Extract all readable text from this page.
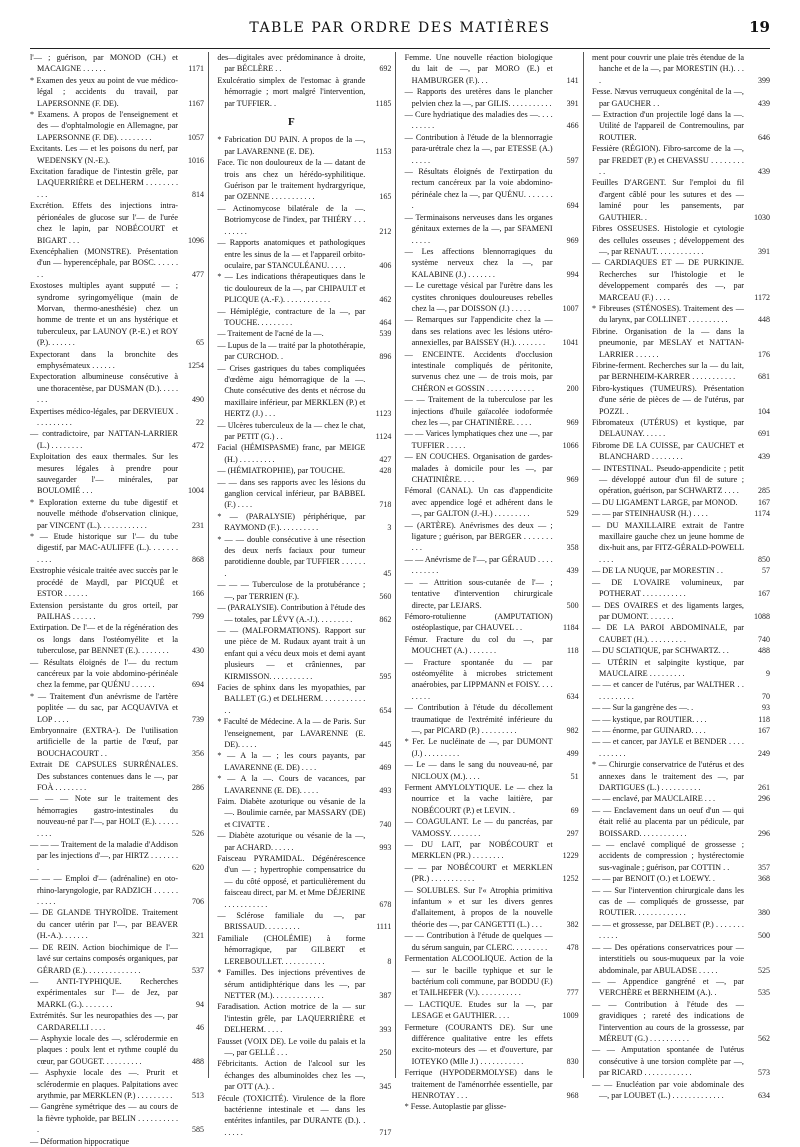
TABLE PAR ORDRE DES MATIÈRES	19

l'— ; guérison, par MONOD (CH.) et MACAIGNE . . . . . .	1171

* Examen des yeux au point de vue médico-légal ; accidents du travail, par LAPERSONNE (F. DE).	1167

* Examens. A propos de l'enseignement et des — d'ophtalmologie en Allemagne, par LAPERSONNE (F. DE). . . . . . . . .	1057

Excitants. Les — et les poisons du nerf, par WEDENSKY (N.-E.).	1016

Excitation faradique de l'intestin grêle, par LAQUERRIÈRE et DELHERM . . . . . . . . . . .	814

Excrétion. Effets des injections intra-périonéales de glucose sur l'— de l'urée chez le lapin, par NOBÉCOURT et BIGART . . .	1096

Exencéphalien (MONSTRE). Présentation d'un — hyperencéphale, par BOSC. . . . . . . .	477

Exostoses multiples ayant supputé — ; syndrome syringomyélique (main de Morvan, thermo-anesthésie) chez un homme de trente et un ans hystérique et tuberculeux, par LAUNOY (P.-E.) et ROY (P.). . . . . . .	65

Expectorant dans la bronchite des emphysémateux . . . . . .	1254

Expectoration albumineuse consécutive à une thoracentèse, par DUSMAN (D.). . . . . . . .	490

Expertises médico-légales, par DERVIEUX . . . . . . . . . .	22

— contradictoire, par NATTAN-LARRIER (L.) . . . . . . . .	472

Exploitation des eaux thermales. Sur les mesures légales à prendre pour sauvegarder l'— minérales, par BOULOMIÉ . . .	1004

* Exploration externe du tube digestif et nouvelle méthode d'observation clinique, par VINCENT (L.). . . . . . . . . . . .	231

* — Etude historique sur l'— du tube digestif, par MAC-AULIFFE (L.). . . . . . . . . . .	868

Exstrophie vésicale traitée avec succès par le procédé de Maydl, par PICQUÉ et ESTOR . . . . . .	166

Extension persistante du gros orteil, par PAILHAS . . . . . .	799

Extirpation. De l'— et de la régénération des os longs dans l'ostéomyélite et la tuberculose, par BENNET (E.). . . . . . . .	430

— Résultats éloignés de l'— du rectum cancéreux par la voie abdomino-périnéale chez la femme, par QUÉNU . . . . . .	694

* — Traitement d'un anévrisme de l'artère poplitée — du sac, par ACQUAVIVA et LOP . . . .	739

Embryonnaire (EXTRA-). De l'utilisation artificielle de la partie de l'œuf, par BOUCHACOURT . .	356

Extrait DE CAPSULES SURRÉNALES. Des substances contenues dans le —, par FOÀ . . . . . . . .	286

— — — Note sur le traitement des hémorragies gastro-intestinales du nouveau-né par l'—, par HOLT (E.). . . . . . . . . .	526

— — — Traitement de la maladie d'Addison par les injections d'—, par HIRTZ . . . . . . . .	620

— — — Emploi d'— (adrénaline) en oto-rhino-laryngologie, par RADZICH . . . . . . . . . . .	706

— DE GLANDE THYROÏDE. Traitement du cancer utérin par l'—, par BEAVER (H.-A.). . . . . . .	321

— DE REIN. Action biochimique de l'— lavé sur certains composés organiques, par GÉRARD (E.). . . . . . . . . . . . . .	537

— ANTI-TYPHIQUE. Recherches expérimentales sur l'— de Jez, par MARKL (G.). . . . . . . .	94

Extrémités. Sur les neuropathies des —, par CARDARELLI . . . .	46

— Asphyxie locale des —, sclérodermie en plaques : poulx lent et rythme couplé du cœur, par GOUGET. . . . . . . . . .	488

— Asphyxie locale des —. Prurit et sclérodermie en plaques. Palpitations avec arythmie, par MERKLEN (P.) . . . . . . . . . 513

— Gangrène symétrique des — au cours de la fièvre typhoïde, par BELIN . . . . . . . . . . .	585

— Déformation hippocratique

des—digitales avec prédominance à droite, par BÉCLÈRE . .	692

Exulcératio simplex de l'estomac à grande hémorragie ; mort malgré l'intervention, par TUFFIER. .	1185

F

* Fabrication DU PAIN. A propos de la —, par LAVARENNE (E. DE).	1153

Face. Tic non douloureux de la — datant de trois ans chez un hérédo-syphilitique. Guérison par le traitement hydrargyrique, par OZENNE . . . . . . . . . . .	165

— Actinomycose bilatérale de la —. Botriomycose de l'index, par THIÉRY . . . . . . . . .	212

— Rapports anatomiques et pathologiques entre les sinus de la — et l'appareil orbito-oculaire, par STANCULÉANU. . . . .	406

* — Les indications thérapeutiques dans le tic douloureux de la —, par CHIPAULT et PLICQUE (A.-F.). . . . . . . . . . . .	462

— Hémiplégie, contracture de la —, par TOUCHE. . . . . . . . .	464

— Traitement de l'acné de la —.	539

— Lupus de la — traité par la photothérapie, par CURCHOD. .	896

— Crises gastriques du tabes compliquées d'œdème aigu hémorragique de la —. Chute consécutive des dents et nécrose du maxillaire inférieur, par MERKLEN (P.) et HERTZ (J.) . . .	1123

— Ulcères tuberculeux de la — chez le chat, par PETIT (G.) . .	1124

Facial (HÉMISPASME) franc, par MEIGE (H.) . . . . . . . . .	427

— (HÉMIATROPHIE), par TOUCHE.	428

— — dans ses rapports avec les lésions du ganglion cervical inférieur, par BABBEL (F.) . . . .	718

* — (PARALYSIE) périphérique, par RAYMOND (F.). . . . . . . . . .	3

* — — double consécutive à une résection des deux nerfs faciaux pour tumeur parotidienne double, par TUFFIER . . . . . . .	45

— — — Tuberculose de la protubérance ; —, par TERRIEN (F.).	560

— (PARALYSIE). Contribution à l'étude des — totales, par LÉVY (A.-J.). . . . . . . . .	862

— — (MALFORMATIONS). Rapport sur une pièce de M. Rudaux ayant trait à un enfant qui a vécu deux mois et demi ayant plusieurs — et crâniennes, par KIRMISSON. . . . . . . . . . .	595

Facies de sphinx dans les myopathies, par BALLET (G.) et DELHERM. . . . . . . . . . . . .	654

* Faculté de Médecine. A la — de Paris. Sur l'enseignement, par LAVARENNE (E. DE). . . . .	445

* — A la — ; les cours payants, par LAVARENNE (E. DE) . . . .	469

* — A la —. Cours de vacances, par LAVARENNE (E. DE). . . . .	493

Faim. Diabète azoturique ou vésanie de la —. Boulimie carnée, par MASSARY (DE) et CIVATTE .	740

— Diabète azoturique ou vésanie de la —, par ACHARD. . . . . .	993

Faisceau PYRAMIDAL. Dégénérescence d'un — ; hypertrophie compensatrice du — du côté opposé, et particulièrement du faisceau direct, par M. et Mme DÉJERINE . . . . . . . . . . .	678

— Sclérose familiale du —, par BRISSAUD. . . . . . . . .	1111

Familiale (CHOLÉMIE) à forme hémorragique, par GILBERT et LEREBOULLET. . . . . . . . . . .	8

* Familles. Des injections préventives de sérum antidiphtérique dans les —, par NETTER (M.). . . . . . . . . . . . .	387

Faradisation. Action motrice de la — sur l'intestin grêle, par LAQUERRIÈRE et DELHERM. . . . .	393

Fausset (VOIX DE). Le voile du palais et la —, par GELLÉ . . .	250

Fébricitants. Action de l'alcool sur les échanges des albuminoïdes chez les —, par OTT (A.). .	345

Fécule (TOXICITÉ). Virulence de la flore bactérienne intestinale et — dans les entérites infantiles, par DURANTE (D.). . . . . . .	717

Femme. Une nouvelle réaction biologique du lait de —, par MORO (E.) et HAMBURGER (F.). . .	141

— Rapports des uretères dans le plancher pelvien chez la —, par GILIS. . . . . . . . . . . 391

— Cure hydriatique des maladies des —. . . . . . . . . .	466

— Contribution à l'étude de la blennorragie para-urétrale chez la —, par ETESSE (A.) . . . . .	597

— Résultats éloignés de l'extirpation du rectum cancéreux par la voie abdomino-périnéale chez la —, par QUÉNU. . . . . . . .	694

— Terminaisons nerveuses dans les organes génitaux externes de la —, par SFAMENI . . . . .	969

— Les affections blennorragiques du système nerveux chez la —, par KALABINE (J.) . . . . . . .	994

— Le curettage vésical par l'urètre dans les cystites chroniques douloureuses rebelles chez la —, par DOISSON (J.) . . . . .	1007

— Remarques sur l'appendicite chez la — dans ses relations avec les lésions utéro-annexielles, par BAISSEY (H.). . . . . . . . 1041

— ENCEINTE. Accidents d'occlusion intestinale compliqués de péritonite, survenus chez une — de trois mois, par CHÉRON et GOSSIN . . . . . . . . . . . .	200

— — Traitement de la tuberculose par les injections d'huile gaïacolée iodoformée chez les —, par CHATINIÈRE. . . . .	969

— — Varices lymphatiques chez une —, par TUFFIER . . . . .	1066

— EN COUCHES. Organisation de gardes-malades à domicile pour les —, par CHATINIÈRE. . . .	969

Fémoral (CANAL). Un cas d'appendicite avec appendice logé et adhérent dans le —, par GALTON (J.-H.) . . . . . . . . .	529

— (ARTÈRE). Anévrismes des deux — ; ligature ; guérison, par BERGER . . . . . . . . . .	358

— — Anévrisme de l'—, par GÉRAUD . . . . . . . . . . .	439

— — Attrition sous-cutanée de l'— ; tentative d'intervention chirurgicale directe, par LEJARS.	500

Fémoro-rotulienne (AMPUTATION) ostéoplastique, par CHAUVEL . .	1184

Fémur. Fracture du col du —, par MOUCHET (A.) . . . . . . .	118

— Fracture spontanée du — par ostéomyélite à microbes strictement anaérobies, par LIPPMANN et FOISY. . . . . . . . .	634

— Contribution à l'étude du décollement traumatique de l'extrémité inférieure du —, par PICARD (P.) . . . . . . . . .	982

* Fer. Le nucléinate de —, par DUMONT (J.) . . . . . . . . .	499

— Le — dans le sang du nouveau-né, par NICLOUX (M.). . . .	51

Ferment AMYLOLYTIQUE. Le — chez la nourrice et la vache laitière, par NOBÉCOURT (P.) et LEVIN. .	69

— COAGULANT. Le — du pancréas, par VAMOSSY. . . . . . . .	297

— DU LAIT, par NOBÉCOURT et MERKLEN (PR.) . . . . . . . .	1229

— — par NOBÉCOURT et MERKLEN (PR.) . . . . . . . . . . .	1252

— SOLUBLES. Sur l'« Atrophia primitiva infantum » et sur les divers genres d'allaitement, à propos de la nouvelle théorie des —, par CANGETTI (L.) . . .	382

— — Contribution à l'étude de quelques — du sérum sanguin, par CLERC. . . . . . . . . 478

Fermentation ALCOOLIQUE. Action de la — sur le bacille typhique et sur le bactérium coli commune, par BODDU (F.) et TAILHEFER (V.). . . . . . . . . . .	777

— LACTIQUE. Etudes sur la —, par LESAGE et GAUTHIER. . . .	1009

Fermeture (COURANTS DE). Sur une différence qualitative entre les effets excito-moteurs des — et d'ouverture, par IOTEYKO (Mlle J.) . . . . . . . . . . .	830

Ferrique (HYPODERMOLYSE) dans le traitement de l'aménorrhée essentielle, par HENROTAY . . .	968

* Fesse. Autoplastie par glisse-

ment pour couvrir une plaie très étendue de la hanche et de la —, par MORESTIN (H.). . . .	399

Fesse. Nævus verruqueux congénital de la —, par GAUCHER . .	439

— Extraction d'un projectile logé dans la —. Utilité de l'appareil de Contremoulins, par ROUTIER.	646

Fessière (RÉGION). Fibro-sarcome de la —, par FREDET (P.) et CHEVASSU . . . . . . . . . .	439

Feuilles D'ARGENT. Sur l'emploi du fil d'argent câblé pour les sutures et des — laminé pour les pansements, par GAUTHIER. .	1030

Fibres OSSEUSES. Histologie et cytologie des cellules osseuses ; développement des —, par RENAUT. . . . . . . . . . . .	391

— CARDIAQUES ET — DE PURKINJE. Recherches sur l'histologie et le développement comparés des —, par MARCEAU (F.) . . . .	1172

* Fibreuses (STÉNOSES). Traitement des — du larynx, par COLLINET . . . . . . . . . .	448

Fibrine. Organisation de la — dans la pneumonie, par MESLAY et NATTAN-LARRIER . . . . . .	176

Fibrine-ferment. Recherches sur la — du lait, par BERNHEIM-KARRER . . . . . . . . . . .	681

Fibro-kystiques (TUMEURS). Présentation d'une série de pièces de — de l'utérus, par POZZI. .	104

Fibromateux (UTÉRUS) et kystique, par DELAUNAY. . . . . .	691

Fibrome DE LA CUISSE, par CAUCHET et BLANCHARD . . . . . . . .	439

— INTESTINAL. Pseudo-appendicite ; petit — développé autour d'un fil de suture ; opération, guérison, par SCHWARTZ . . . . 285

— DU LIGAMENT LARGE, par MONOD.	167

— — par STEINHAUSR (H.) . . . .	1174

— DU MAXILLAIRE extrait de l'antre maxillaire gauche chez un jeune homme de dix-huit ans, par FITZ-GÉRALD-POWELL . . . .	850

— DE LA NUQUE, par MORESTIN . .	57

— DE L'OVAIRE volumineux, par POTHERAT . . . . . . . . . . .	167

— DES OVAIRES et des ligaments larges, par DUMONT. . . . . . .	1088

— DE LA PAROI ABDOMINALE, par CAUBET (H.). . . . . . . . . .	740

— DU SCIATIQUE, par SCHWARTZ. . .	488

— UTÉRIN et salpingite kystique, par MAUCLAIRE . . . . . . . . .	9

— — et cancer de l'utérus, par WALTHER . . . . . . . . . . .	70

— — Sur la gangrène des —. .	93

— — kystique, par ROUTIER. . . .	118

— — énorme, par GUINARD. . . .	167

— — et cancer, par JAYLE et BENDER . . . . . . . . . . .	249

* — Chirurgie conservatrice de l'utérus et des annexes dans le traitement des —, par DARTIGUES (L.) . . . . . . . . . .	261

— — enclavé, par MAUCLAIRE . . .	296

— — Enclavement dans un oeuf d'un — qui était relié au placenta par un pédicule, par BOISSARD. . . . . . . . . . . .	296

— — enclavé compliqué de grossesse ; accidents de compression ; hystérectomie sus-vaginale ; guérison, par COTTIN . .	357

— — par BENOIT (O.) et LOEWY. .	368

— — Sur l'intervention chirurgicale dans les cas de — compliqués de grossesse, par ROUTIER. . . . . . . . . . . . .	380

— — et grossesse, par DELBET (P.) . . . . . . . . . . . .	500

— — Des opérations conservatrices pour — interstitiels ou sous-muqueux par la voie abdominale, par ABULADSE . . . . .	525

— — Appendice gangréné et —, par VERCHÈRE et BERNHEIM (A.). .	535

— — Contribution à l'étude des — gravidiques ; rareté des indications de l'intervention au cours de la grossesse, par MÉREUT (G.) . . . . . . . . . .	562

— — Amputation spontanée de l'utérus consécutive à une torsion complète par —, par RICARD . . . . . . . . . . . .	573

— — Enucléation par voie abdominale des —, par LOUBET (L.) . . . . . . . . . . . . .	634
